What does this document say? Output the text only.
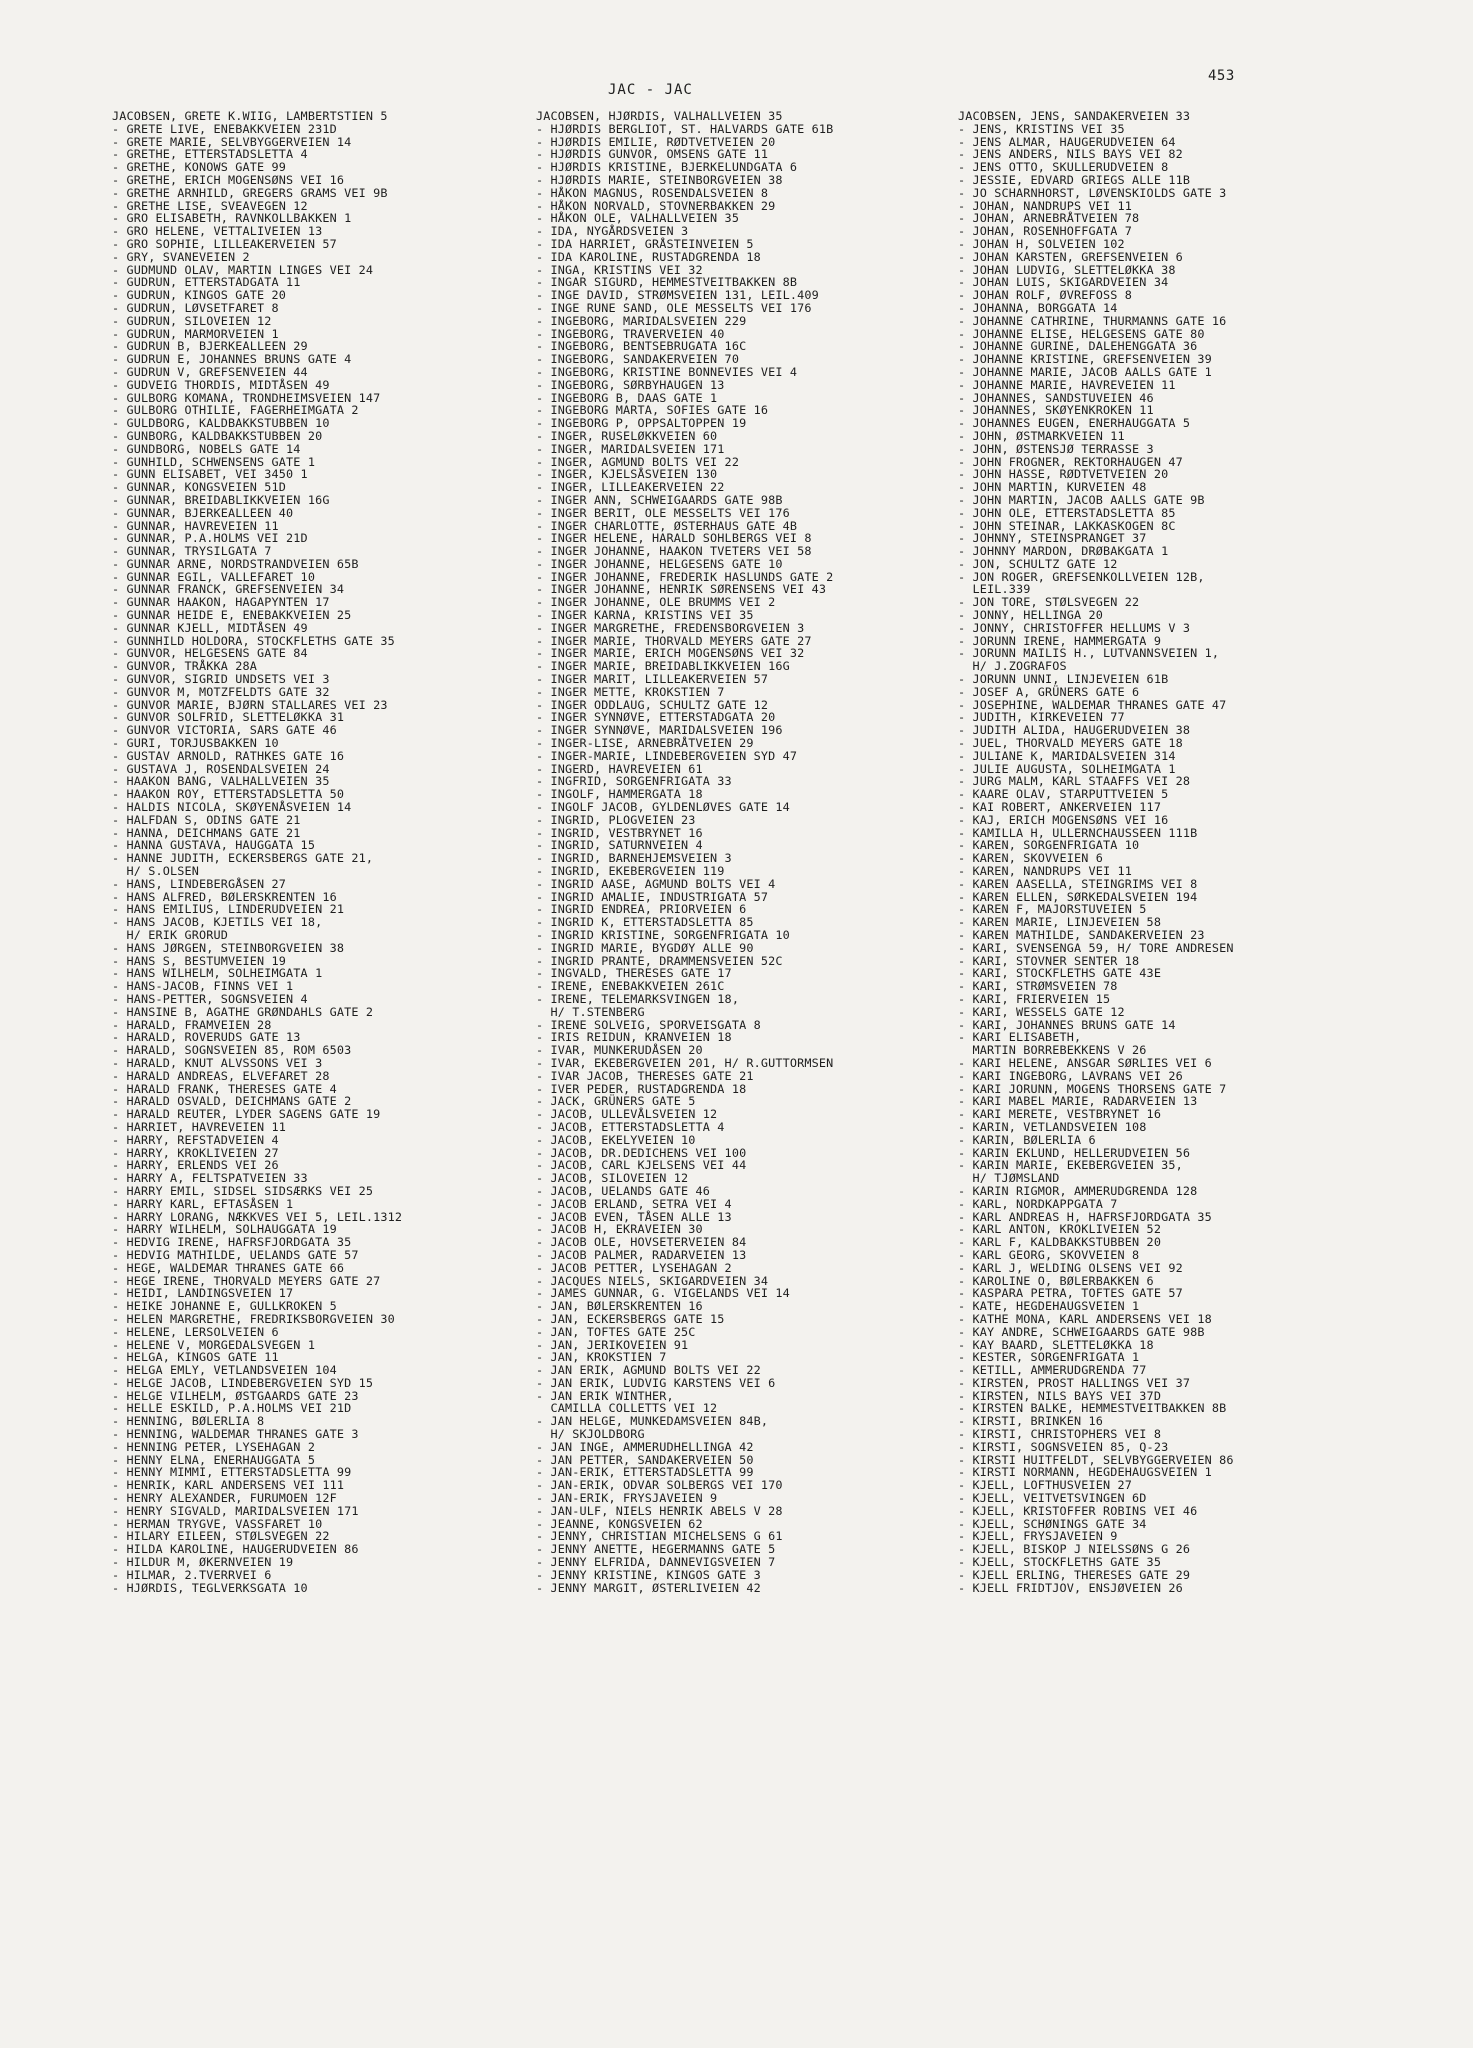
453
JAC - JAC
JACOBSEN, GRETE K.WIIG, LAMBERTSTIEN 5
- GRETE LIVE, ENEBAKKVEIEN 231D
- GRETE MARIE, SELVBYGGERVEIEN 14
- GRETHE, ETTERSTADSLETTA 4
- GRETHE, KONOWS GATE 99
- GRETHE, ERICH MOGENSØNS VEI 16
- GRETHE ARNHILD, GREGERS GRAMS VEI 9B
- GRETHE LISE, SVEAVEGEN 12
- GRO ELISABETH, RAVNKOLLBAKKEN 1
- GRO HELENE, VETTALIVEIEN 13
- GRO SOPHIE, LILLEAKERVEIEN 57
- GRY, SVANEVEIEN 2
- GUDMUND OLAV, MARTIN LINGES VEI 24
- GUDRUN, ETTERSTADGATA 11
- GUDRUN, KINGOS GATE 20
- GUDRUN, LØVSETFARET 8
- GUDRUN, SILOVEIEN 12
- GUDRUN, MARMORVEIEN 1
- GUDRUN B, BJERKEALLEEN 29
- GUDRUN E, JOHANNES BRUNS GATE 4
- GUDRUN V, GREFSENVEIEN 44
- GUDVEIG THORDIS, MIDTÅSEN 49
- GULBORG KOMANA, TRONDHEIMSVEIEN 147
- GULBORG OTHILIE, FAGERHEIMGATA 2
- GULDBORG, KALDBAKKSTUBBEN 10
- GUNBORG, KALDBAKKSTUBBEN 20
- GUNDBORG, NOBELS GATE 14
- GUNHILD, SCHWENSENS GATE 1
- GUNN ELISABET, VEI 3450 1
- GUNNAR, KONGSVEIEN 51D
- GUNNAR, BREIDABLIKKVEIEN 16G
- GUNNAR, BJERKEALLEEN 40
- GUNNAR, HAVREVEIEN 11
- GUNNAR, P.A.HOLMS VEI 21D
- GUNNAR, TRYSILGATA 7
- GUNNAR ARNE, NORDSTRANDVEIEN 65B
- GUNNAR EGIL, VALLEFARET 10
- GUNNAR FRANCK, GREFSENVEIEN 34
- GUNNAR HAAKON, HAGAPYNTEN 17
- GUNNAR HEIDE E, ENEBAKKVEIEN 25
- GUNNAR KJELL, MIDTÅSEN 49
- GUNNHILD HOLDORA, STOCKFLETHS GATE 35
- GUNVOR, HELGESENS GATE 84
- GUNVOR, TRÅKKA 28A
- GUNVOR, SIGRID UNDSETS VEI 3
- GUNVOR M, MOTZFELDTS GATE 32
- GUNVOR MARIE, BJØRN STALLARES VEI 23
- GUNVOR SOLFRID, SLETTELØKKA 31
- GUNVOR VICTORIA, SARS GATE 46
- GURI, TORJUSBAKKEN 10
- GUSTAV ARNOLD, RATHKES GATE 16
- GUSTAVA J, ROSENDALSVEIEN 24
- HAAKON BANG, VALHALLVEIEN 35
- HAAKON ROY, ETTERSTADSLETTA 50
- HALDIS NICOLA, SKØYENÅSVEIEN 14
- HALFDAN S, ODINS GATE 21
- HANNA, DEICHMANS GATE 21
- HANNA GUSTAVA, HAUGGATA 15
- HANNE JUDITH, ECKERSBERGS GATE 21,
H/ S.OLSEN
- HANS, LINDEBERGÅSEN 27
- HANS ALFRED, BØLERSKRENTEN 16
- HANS EMILIUS, LINDERUDVEIEN 21
- HANS JACOB, KJETILS VEI 18,
H/ ERIK GRORUD
- HANS JØRGEN, STEINBORGVEIEN 38
- HANS S, BESTUMVEIEN 19
- HANS WILHELM, SOLHEIMGATA 1
- HANS-JACOB, FINNS VEI 1
- HANS-PETTER, SOGNSVEIEN 4
- HANSINE B, AGATHE GRØNDAHLS GATE 2
- HARALD, FRAMVEIEN 28
- HARALD, ROVERUDS GATE 13
- HARALD, SOGNSVEIEN 85, ROM 6503
- HARALD, KNUT ALVSSONS VEI 3
- HARALD ANDREAS, ELVEFARET 28
- HARALD FRANK, THERESES GATE 4
- HARALD OSVALD, DEICHMANS GATE 2
- HARALD REUTER, LYDER SAGENS GATE 19
- HARRIET, HAVREVEIEN 11
- HARRY, REFSTADVEIEN 4
- HARRY, KROKLIVEIEN 27
- HARRY, ERLENDS VEI 26
- HARRY A, FELTSPATVEIEN 33
- HARRY EMIL, SIDSEL SIDSÆRKS VEI 25
- HARRY KARL, EFTASÅSEN 1
- HARRY LORANG, NÆKKVES VEI 5, LEIL.1312
- HARRY WILHELM, SOLHAUGGATA 19
- HEDVIG IRENE, HAFRSFJORDGATA 35
- HEDVIG MATHILDE, UELANDS GATE 57
- HEGE, WALDEMAR THRANES GATE 66
- HEGE IRENE, THORVALD MEYERS GATE 27
- HEIDI, LANDINGSVEIEN 17
- HEIKE JOHANNE E, GULLKROKEN 5
- HELEN MARGRETHE, FREDRIKSBORGVEIEN 30
- HELENE, LERSOLVEIEN 6
- HELENE V, MORGEDALSVEGEN 1
- HELGA, KINGOS GATE 11
- HELGA EMLY, VETLANDSVEIEN 104
- HELGE JACOB, LINDEBERGVEIEN SYD 15
- HELGE VILHELM, ØSTGAARDS GATE 23
- HELLE ESKILD, P.A.HOLMS VEI 21D
- HENNING, BØLERLIA 8
- HENNING, WALDEMAR THRANES GATE 3
- HENNING PETER, LYSEHAGAN 2
- HENNY ELNA, ENERHAUGGATA 5
- HENNY MIMMI, ETTERSTADSLETTA 99
- HENRIK, KARL ANDERSENS VEI 111
- HENRY ALEXANDER, FURUMOEN 12F
- HENRY SIGVALD, MARIDALSVEIEN 171
- HERMAN TRYGVE, VASSFARET 10
- HILARY EILEEN, STØLSVEGEN 22
- HILDA KAROLINE, HAUGERUDVEIEN 86
- HILDUR M, ØKERNVEIEN 19
- HILMAR, 2.TVERRVEI 6
- HJØRDIS, TEGLVERKSGATA 10
JACOBSEN, HJØRDIS, VALHALLVEIEN 35
- HJØRDIS BERGLIOT, ST. HALVARDS GATE 61B
- HJØRDIS EMILIE, RØDTVETVEIEN 20
- HJØRDIS GUNVOR, OMSENS GATE 11
- HJØRDIS KRISTINE, BJERKELUNDGATA 6
- HJØRDIS MARIE, STEINBORGVEIEN 38
- HÅKON MAGNUS, ROSENDALSVEIEN 8
- HÅKON NORVALD, STOVNERBAKKEN 29
- HÅKON OLE, VALHALLVEIEN 35
- IDA, NYGÅRDSVEIEN 3
- IDA HARRIET, GRÅSTEINVEIEN 5
- IDA KAROLINE, RUSTADGRENDA 18
- INGA, KRISTINS VEI 32
- INGAR SIGURD, HEMMESTVEITBAKKEN 8B
- INGE DAVID, STRØMSVEIEN 131, LEIL.409
- INGE RUNE SAND, OLE MESSELTS VEI 176
- INGEBORG, MARIDALSVEIEN 229
- INGEBORG, TRAVERVEIEN 40
- INGEBORG, BENTSEBRUGATA 16C
- INGEBORG, SANDAKERVEIEN 70
- INGEBORG, KRISTINE BONNEVIES VEI 4
- INGEBORG, SØRBYHAUGEN 13
- INGEBORG B, DAAS GATE 1
- INGEBORG MARTA, SOFIES GATE 16
- INGEBORG P, OPPSALTOPPEN 19
- INGER, RUSELØKKVEIEN 60
- INGER, MARIDALSVEIEN 171
- INGER, AGMUND BOLTS VEI 22
- INGER, KJELSÅSVEIEN 130
- INGER, LILLEAKERVEIEN 22
- INGER ANN, SCHWEIGAARDS GATE 98B
- INGER BERIT, OLE MESSELTS VEI 176
- INGER CHARLOTTE, ØSTERHAUS GATE 4B
- INGER HELENE, HARALD SOHLBERGS VEI 8
- INGER JOHANNE, HAAKON TVETERS VEI 58
- INGER JOHANNE, HELGESENS GATE 10
- INGER JOHANNE, FREDERIK HASLUNDS GATE 2
- INGER JOHANNE, HENRIK SØRENSENS VEI 43
- INGER JOHANNE, OLE BRUMMS VEI 2
- INGER KARNA, KRISTINS VEI 35
- INGER MARGRETHE, FREDENSBORGVEIEN 3
- INGER MARIE, THORVALD MEYERS GATE 27
- INGER MARIE, ERICH MOGENSØNS VEI 32
- INGER MARIE, BREIDABLIKKVEIEN 16G
- INGER MARIT, LILLEAKERVEIEN 57
- INGER METTE, KROKSTIEN 7
- INGER ODDLAUG, SCHULTZ GATE 12
- INGER SYNNØVE, ETTERSTADGATA 20
- INGER SYNNØVE, MARIDALSVEIEN 196
- INGER-LISE, ARNEBRÅTVEIEN 29
- INGER-MARIE, LINDEBERGVEIEN SYD 47
- INGERD, HAVREVEIEN 61
- INGFRID, SORGENFRIGATA 33
- INGOLF, HAMMERGATA 18
- INGOLF JACOB, GYLDENLØVES GATE 14
- INGRID, PLOGVEIEN 23
- INGRID, VESTBRYNET 16
- INGRID, SATURNVEIEN 4
- INGRID, BARNEHJEMSVEIEN 3
- INGRID, EKEBERGVEIEN 119
- INGRID AASE, AGMUND BOLTS VEI 4
- INGRID AMALIE, INDUSTRIGATA 57
- INGRID ENDREA, PRIORVEIEN 6
- INGRID K, ETTERSTADSLETTA 85
- INGRID KRISTINE, SORGENFRIGATA 10
- INGRID MARIE, BYGDØY ALLE 90
- INGRID PRANTE, DRAMMENSVEIEN 52C
- INGVALD, THERESES GATE 17
- IRENE, ENEBAKKVEIEN 261C
- IRENE, TELEMARKSVINGEN 18,
H/ T.STENBERG
- IRENE SOLVEIG, SPORVEISGATA 8
- IRIS REIDUN, KRANVEIEN 18
- IVAR, MUNKERUDÅSEN 20
- IVAR, EKEBERGVEIEN 201, H/ R.GUTTORMSEN
- IVAR JACOB, THERESES GATE 21
- IVER PEDER, RUSTADGRENDA 18
- JACK, GRÜNERS GATE 5
- JACOB, ULLEVÅLSVEIEN 12
- JACOB, ETTERSTADSLETTA 4
- JACOB, EKELYVEIEN 10
- JACOB, DR.DEDICHENS VEI 100
- JACOB, CARL KJELSENS VEI 44
- JACOB, SILOVEIEN 12
- JACOB, UELANDS GATE 46
- JACOB ERLAND, SETRA VEI 4
- JACOB EVEN, TÅSEN ALLE 13
- JACOB H, EKRAVEIEN 30
- JACOB OLE, HOVSETERVEIEN 84
- JACOB PALMER, RADARVEIEN 13
- JACOB PETTER, LYSEHAGAN 2
- JACQUES NIELS, SKIGARDVEIEN 34
- JAMES GUNNAR, G. VIGELANDS VEI 14
- JAN, BØLERSKRENTEN 16
- JAN, ECKERSBERGS GATE 15
- JAN, TOFTES GATE 25C
- JAN, JERIKOVEIEN 91
- JAN, KROKSTIEN 7
- JAN ERIK, AGMUND BOLTS VEI 22
- JAN ERIK, LUDVIG KARSTENS VEI 6
- JAN ERIK WINTHER,
CAMILLA COLLETTS VEI 12
- JAN HELGE, MUNKEDAMSVEIEN 84B,
H/ SKJOLDBORG
- JAN INGE, AMMERUDHELLINGA 42
- JAN PETTER, SANDAKERVEIEN 50
- JAN-ERIK, ETTERSTADSLETTA 99
- JAN-ERIK, ODVAR SOLBERGS VEI 170
- JAN-ERIK, FRYSJAVEIEN 9
- JAN-ULF, NIELS HENRIK ABELS V 28
- JEANNE, KONGSVEIEN 62
- JENNY, CHRISTIAN MICHELSENS G 61
- JENNY ANETTE, HEGERMANNS GATE 5
- JENNY ELFRIDA, DANNEVIGSVEIEN 7
- JENNY KRISTINE, KINGOS GATE 3
- JENNY MARGIT, ØSTERLIVEIEN 42
JACOBSEN, JENS, SANDAKERVEIEN 33
- JENS, KRISTINS VEI 35
- JENS ALMAR, HAUGERUDVEIEN 64
- JENS ANDERS, NILS BAYS VEI 82
- JENS OTTO, SKULLERUDVEIEN 8
- JESSIE, EDVARD GRIEGS ALLE 11B
- JO SCHARNHORST, LØVENSKIOLDS GATE 3
- JOHAN, NANDRUPS VEI 11
- JOHAN, ARNEBRÅTVEIEN 78
- JOHAN, ROSENHOFFGATA 7
- JOHAN H, SOLVEIEN 102
- JOHAN KARSTEN, GREFSENVEIEN 6
- JOHAN LUDVIG, SLETTELØKKA 38
- JOHAN LUIS, SKIGARDVEIEN 34
- JOHAN ROLF, ØVREFOSS 8
- JOHANNA, BORGGATA 14
- JOHANNE CATHRINE, THURMANNS GATE 16
- JOHANNE ELISE, HELGESENS GATE 80
- JOHANNE GURINE, DALEHENGGATA 36
- JOHANNE KRISTINE, GREFSENVEIEN 39
- JOHANNE MARIE, JACOB AALLS GATE 1
- JOHANNE MARIE, HAVREVEIEN 11
- JOHANNES, SANDSTUVEIEN 46
- JOHANNES, SKØYENKROKEN 11
- JOHANNES EUGEN, ENERHAUGGATA 5
- JOHN, ØSTMARKVEIEN 11
- JOHN, ØSTENSJØ TERRASSE 3
- JOHN FROGNER, REKTORHAUGEN 47
- JOHN HASSE, RØDTVETVEIEN 20
- JOHN MARTIN, KURVEIEN 48
- JOHN MARTIN, JACOB AALLS GATE 9B
- JOHN OLE, ETTERSTADSLETTA 85
- JOHN STEINAR, LAKKASKOGEN 8C
- JOHNNY, STEINSPRANGET 37
- JOHNNY MARDON, DRØBAKGATA 1
- JON, SCHULTZ GATE 12
- JON ROGER, GREFSENKOLLVEIEN 12B,
LEIL.339
- JON TORE, STØLSVEGEN 22
- JONNY, HELLINGA 20
- JONNY, CHRISTOFFER HELLUMS V 3
- JORUNN IRENE, HAMMERGATA 9
- JORUNN MAILIS H., LUTVANNSVEIEN 1,
H/ J.ZOGRAFOS
- JORUNN UNNI, LINJEVEIEN 61B
- JOSEF A, GRÜNERS GATE 6
- JOSEPHINE, WALDEMAR THRANES GATE 47
- JUDITH, KIRKEVEIEN 77
- JUDITH ALIDA, HAUGERUDVEIEN 38
- JUEL, THORVALD MEYERS GATE 18
- JULIANE K, MARIDALSVEIEN 314
- JULIE AUGUSTA, SOLHEIMGATA 1
- JURG MALM, KARL STAAFFS VEI 28
- KAARE OLAV, STARPUTTVEIEN 5
- KAI ROBERT, ANKERVEIEN 117
- KAJ, ERICH MOGENSØNS VEI 16
- KAMILLA H, ULLERNCHAUSSEEN 111B
- KAREN, SORGENFRIGATA 10
- KAREN, SKOVVEIEN 6
- KAREN, NANDRUPS VEI 11
- KAREN AASELLA, STEINGRIMS VEI 8
- KAREN ELLEN, SØRKEDALSVEIEN 194
- KAREN F, MAJORSTUVEIEN 5
- KAREN MARIE, LINJEVEIEN 58
- KAREN MATHILDE, SANDAKERVEIEN 23
- KARI, SVENSENGA 59, H/ TORE ANDRESEN
- KARI, STOVNER SENTER 18
- KARI, STOCKFLETHS GATE 43E
- KARI, STRØMSVEIEN 78
- KARI, FRIERVEIEN 15
- KARI, WESSELS GATE 12
- KARI, JOHANNES BRUNS GATE 14
- KARI ELISABETH,
MARTIN BORREBEKKENS V 26
- KARI HELENE, ANSGAR SØRLIES VEI 6
- KARI INGEBORG, LAVRANS VEI 26
- KARI JORUNN, MOGENS THORSENS GATE 7
- KARI MABEL MARIE, RADARVEIEN 13
- KARI MERETE, VESTBRYNET 16
- KARIN, VETLANDSVEIEN 108
- KARIN, BØLERLIA 6
- KARIN EKLUND, HELLERUDVEIEN 56
- KARIN MARIE, EKEBERGVEIEN 35,
H/ TJØMSLAND
- KARIN RIGMOR, AMMERUDGRENDA 128
- KARL, NORDKAPPGATA 7
- KARL ANDREAS H, HAFRSFJORDGATA 35
- KARL ANTON, KROKLIVEIEN 52
- KARL F, KALDBAKKSTUBBEN 20
- KARL GEORG, SKOVVEIEN 8
- KARL J, WELDING OLSENS VEI 92
- KAROLINE O, BØLERBAKKEN 6
- KASPARA PETRA, TOFTES GATE 57
- KATE, HEGDEHAUGSVEIEN 1
- KATHE MONA, KARL ANDERSENS VEI 18
- KAY ANDRE, SCHWEIGAARDS GATE 98B
- KAY BAARD, SLETTELØKKA 18
- KESTER, SORGENFRIGATA 1
- KETILL, AMMERUDGRENDA 77
- KIRSTEN, PROST HALLINGS VEI 37
- KIRSTEN, NILS BAYS VEI 37D
- KIRSTEN BALKE, HEMMESTVEITBAKKEN 8B
- KIRSTI, BRINKEN 16
- KIRSTI, CHRISTOPHERS VEI 8
- KIRSTI, SOGNSVEIEN 85, Q-23
- KIRSTI HUITFELDT, SELVBYGGERVEIEN 86
- KIRSTI NORMANN, HEGDEHAUGSVEIEN 1
- KJELL, LOFTHUSVEIEN 27
- KJELL, VEITVETSVINGEN 6D
- KJELL, KRISTOFFER ROBINS VEI 46
- KJELL, SCHØNINGS GATE 34
- KJELL, FRYSJAVEIEN 9
- KJELL, BISKOP J NIELSSØNS G 26
- KJELL, STOCKFLETHS GATE 35
- KJELL ERLING, THERESES GATE 29
- KJELL FRIDTJOV, ENSJØVEIEN 26
